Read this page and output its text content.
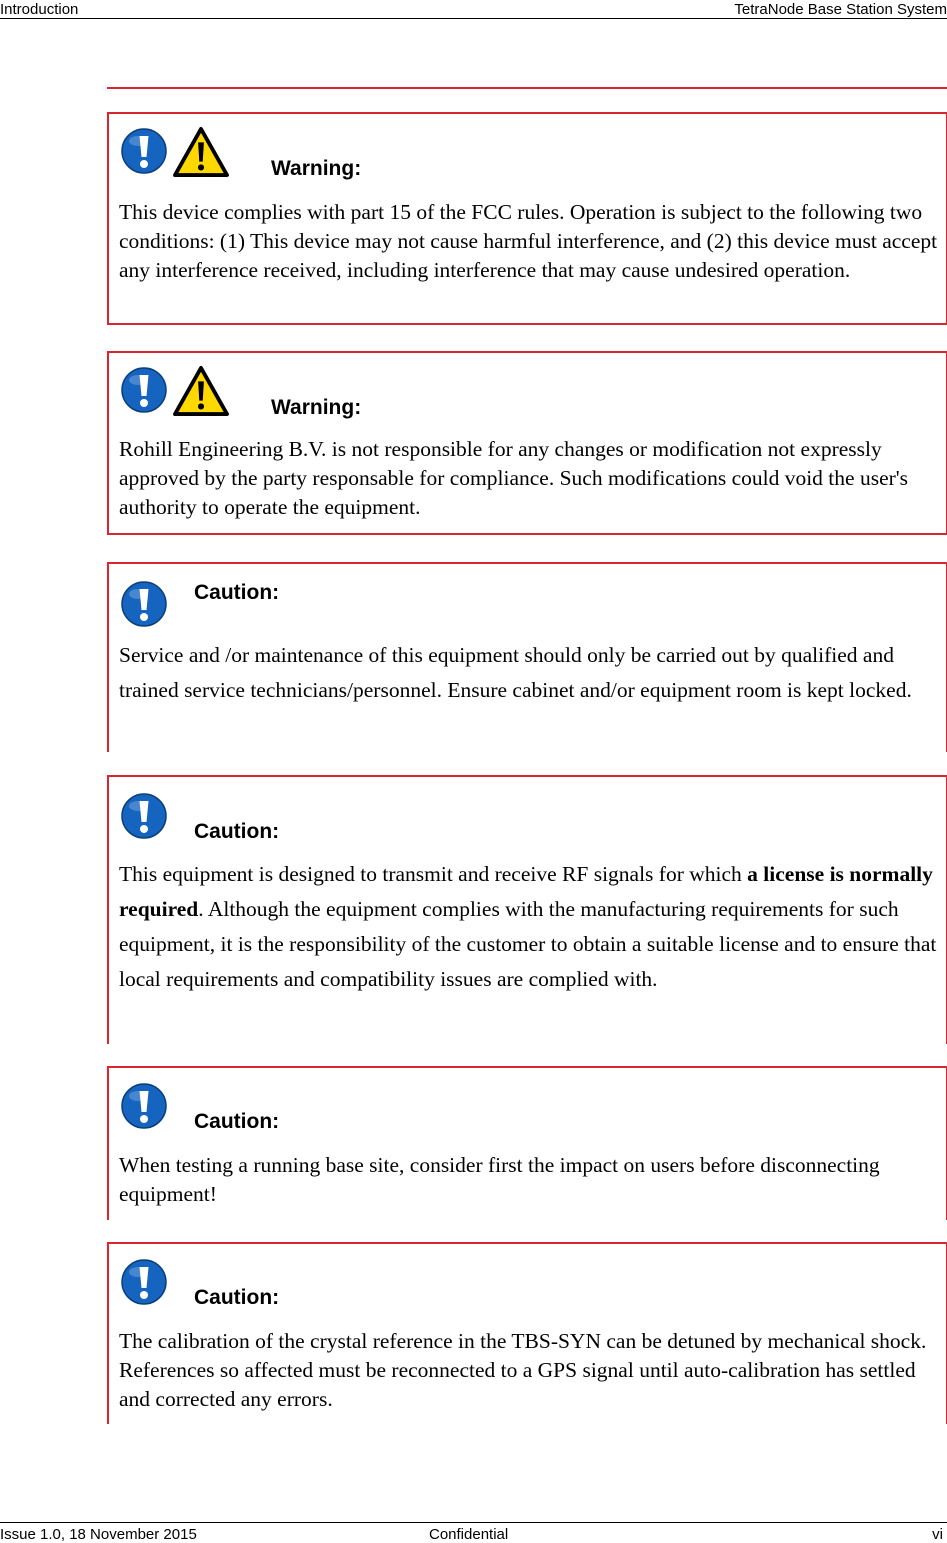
Introduction	TetraNode Base Station System
Warning:
This device complies with part 15 of the FCC rules. Operation is subject to the following two conditions: (1) This device may not cause harmful interference, and (2) this device must accept any interference received, including interference that may cause undesired operation.
Warning:
Rohill Engineering B.V. is not responsible for any changes or modification not expressly approved by the party responsable for compliance. Such modifications could void the user's authority to operate the equipment.
Caution:
Service and /or maintenance of this equipment should only be carried out by qualified and trained service technicians/personnel. Ensure cabinet and/or equipment room is kept locked.
Caution:
This equipment is designed to transmit and receive RF signals for which a license is normally required. Although the equipment complies with the manufacturing requirements for such equipment, it is the responsibility of the customer to obtain a suitable license and to ensure that local requirements and compatibility issues are complied with.
Caution:
When testing a running base site, consider first the impact on users before disconnecting equipment!
Caution:
The calibration of the crystal reference in the TBS-SYN can be detuned by mechanical shock. References so affected must be reconnected to a GPS signal until auto-calibration has settled and corrected any errors.
Issue 1.0, 18 November 2015	Confidential	vi
